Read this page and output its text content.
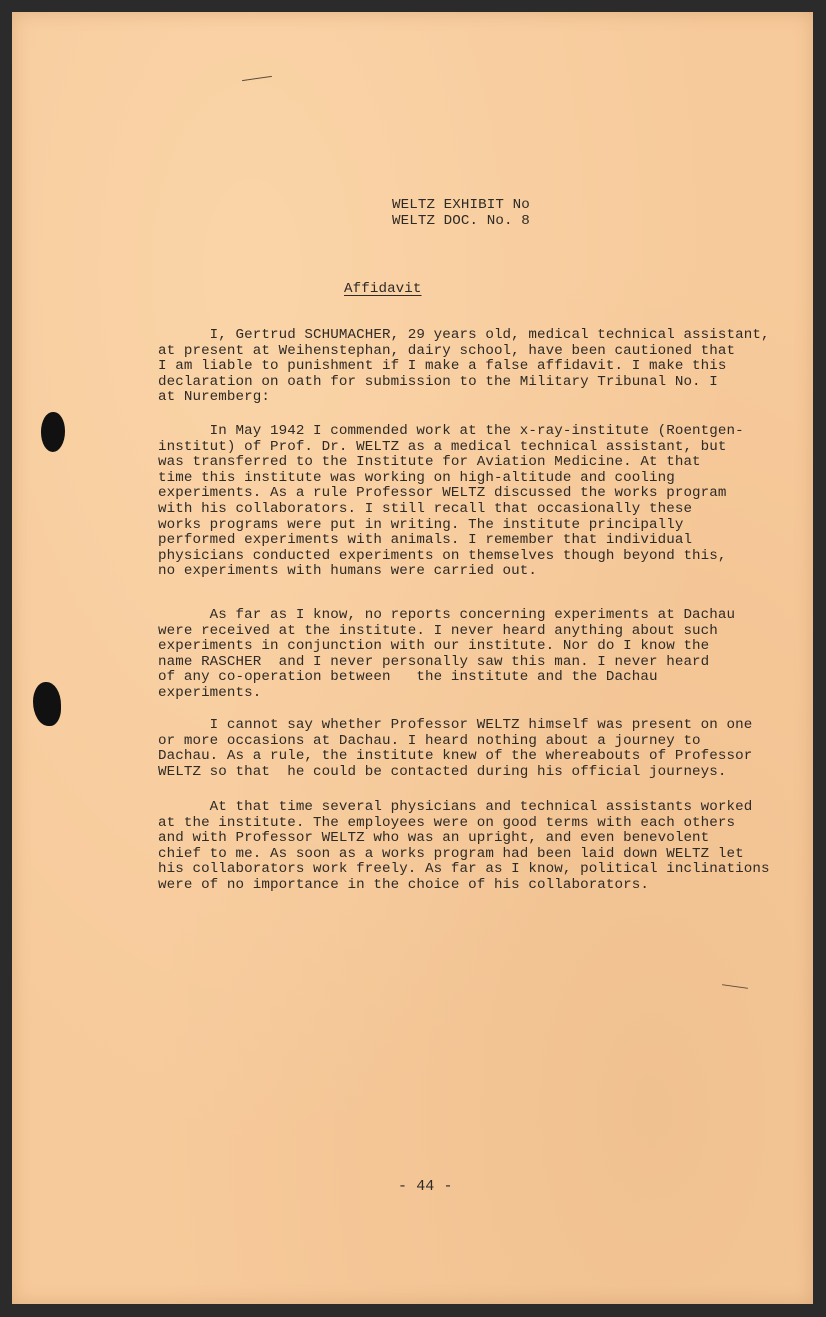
WELTZ EXHIBIT No
WELTZ DOC. No. 8
Affidavit

I, Gertrud SCHUMACHER, 29 years old, medical technical assistant,
at present at Weihenstephan, dairy school, have been cautioned that
I am liable to punishment if I make a false affidavit. I make this
declaration on oath for submission to the Military Tribunal No. I
at Nuremberg:

In May 1942 I commended work at the x-ray-institute (Roentgen-
institut) of Prof. Dr. WELTZ as a medical technical assistant, but
was transferred to the Institute for Aviation Medicine. At that
time this institute was working on high-altitude and cooling
experiments. As a rule Professor WELTZ discussed the works program
with his collaborators. I still recall that occasionally these
works programs were put in writing. The institute principally
performed experiments with animals. I remember that individual
physicians conducted experiments on themselves though beyond this,
no experiments with humans were carried out.

As far as I know, no reports concerning experiments at Dachau
were received at the institute. I never heard anything about such
experiments in conjunction with our institute. Nor do I know the
name RASCHER  and I never personally saw this man. I never heard
of any co-operation between   the institute and the Dachau
experiments.

I cannot say whether Professor WELTZ himself was present on one
or more occasions at Dachau. I heard nothing about a journey to
Dachau. As a rule, the institute knew of the whereabouts of Professor
WELTZ so that  he could be contacted during his official journeys.

At that time several physicians and technical assistants worked
at the institute. The employees were on good terms with each others
and with Professor WELTZ who was an upright, and even benevolent
chief to me. As soon as a works program had been laid down WELTZ let
his collaborators work freely. As far as I know, political inclinations
were of no importance in the choice of his collaborators.

- 44 -
